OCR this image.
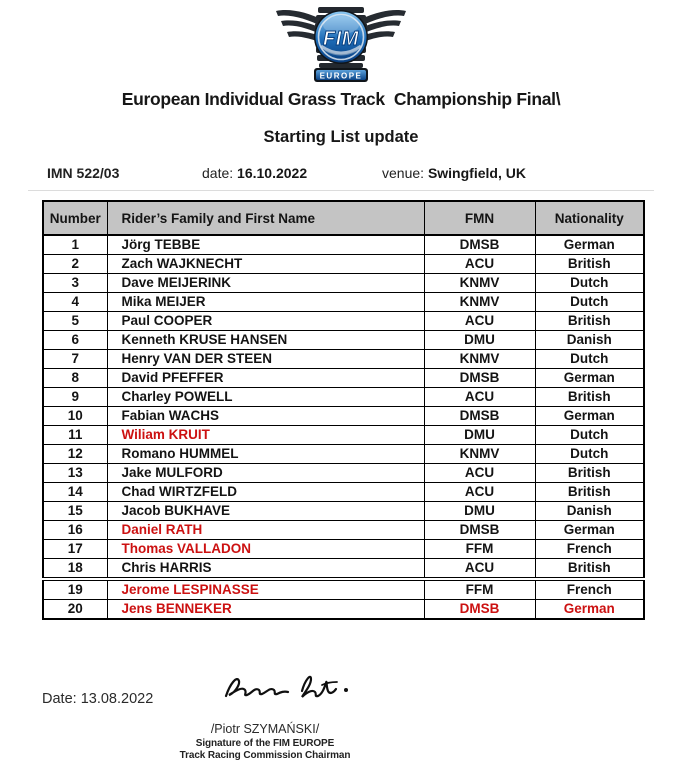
FIM
EUROPE
European Individual Grass Track  Championship Final\
Starting List update
IMN 522/03	date: 16.10.2022	venue: Swingfield, UK
Number	Rider’s Family and First Name	FMN	Nationality
1	Jörg TEBBE	DMSB	German
2	Zach WAJKNECHT	ACU	British
3	Dave MEIJERINK	KNMV	Dutch
4	Mika MEIJER	KNMV	Dutch
5	Paul COOPER	ACU	British
6	Kenneth KRUSE HANSEN	DMU	Danish
7	Henry VAN DER STEEN	KNMV	Dutch
8	David PFEFFER	DMSB	German
9	Charley POWELL	ACU	British
10	Fabian WACHS	DMSB	German
11	Wiliam KRUIT	DMU	Dutch
12	Romano HUMMEL	KNMV	Dutch
13	Jake MULFORD	ACU	British
14	Chad WIRTZFELD	ACU	British
15	Jacob BUKHAVE	DMU	Danish
16	Daniel RATH	DMSB	German
17	Thomas VALLADON	FFM	French
18	Chris HARRIS	ACU	British
19	Jerome LESPINASSE	FFM	French
20	Jens BENNEKER	DMSB	German
Date: 13.08.2022
/Piotr SZYMAŃSKI/
Signature of the FIM EUROPE
Track Racing Commission Chairman
